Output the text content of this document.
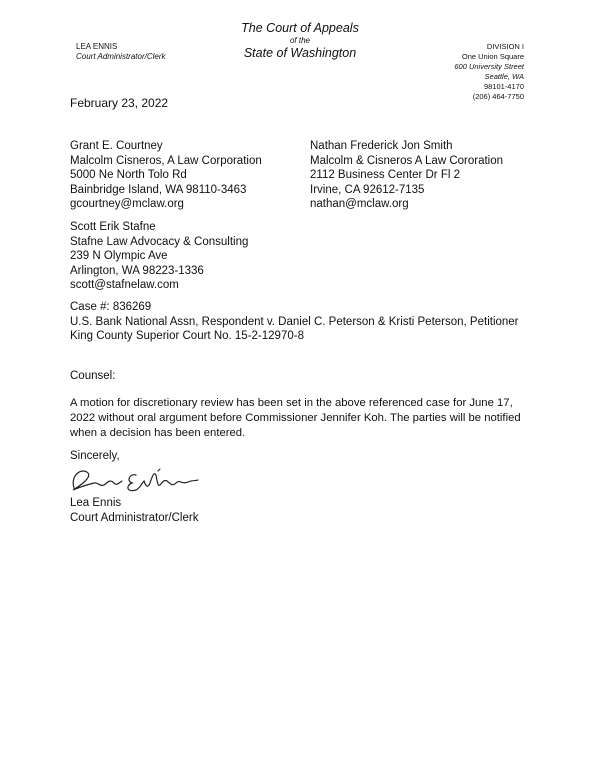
LEA ENNIS
Court Administrator/Clerk
The Court of Appeals
of the
State of Washington	DIVISION I
One Union Square
600 University Street
Seattle, WA
98101-4170
(206) 464-7750
February 23, 2022
Grant E. Courtney
Malcolm Cisneros, A Law Corporation
5000 Ne North Tolo Rd
Bainbridge Island, WA 98110-3463
gcourtney@mclaw.org
Nathan Frederick Jon Smith
Malcolm & Cisneros A Law Cororation
2112 Business Center Dr Fl 2
Irvine, CA 92612-7135
nathan@mclaw.org
Scott Erik Stafne
Stafne Law Advocacy & Consulting
239 N Olympic Ave
Arlington, WA 98223-1336
scott@stafnelaw.com
Case #: 836269
U.S. Bank National Assn, Respondent v. Daniel C. Peterson & Kristi Peterson, Petitioner
King County Superior Court No. 15-2-12970-8
Counsel:
A motion for discretionary review has been set in the above referenced case for June 17, 2022 without oral argument before Commissioner Jennifer Koh. The parties will be notified when a decision has been entered.
Sincerely,
Lea Ennis
Court Administrator/Clerk
